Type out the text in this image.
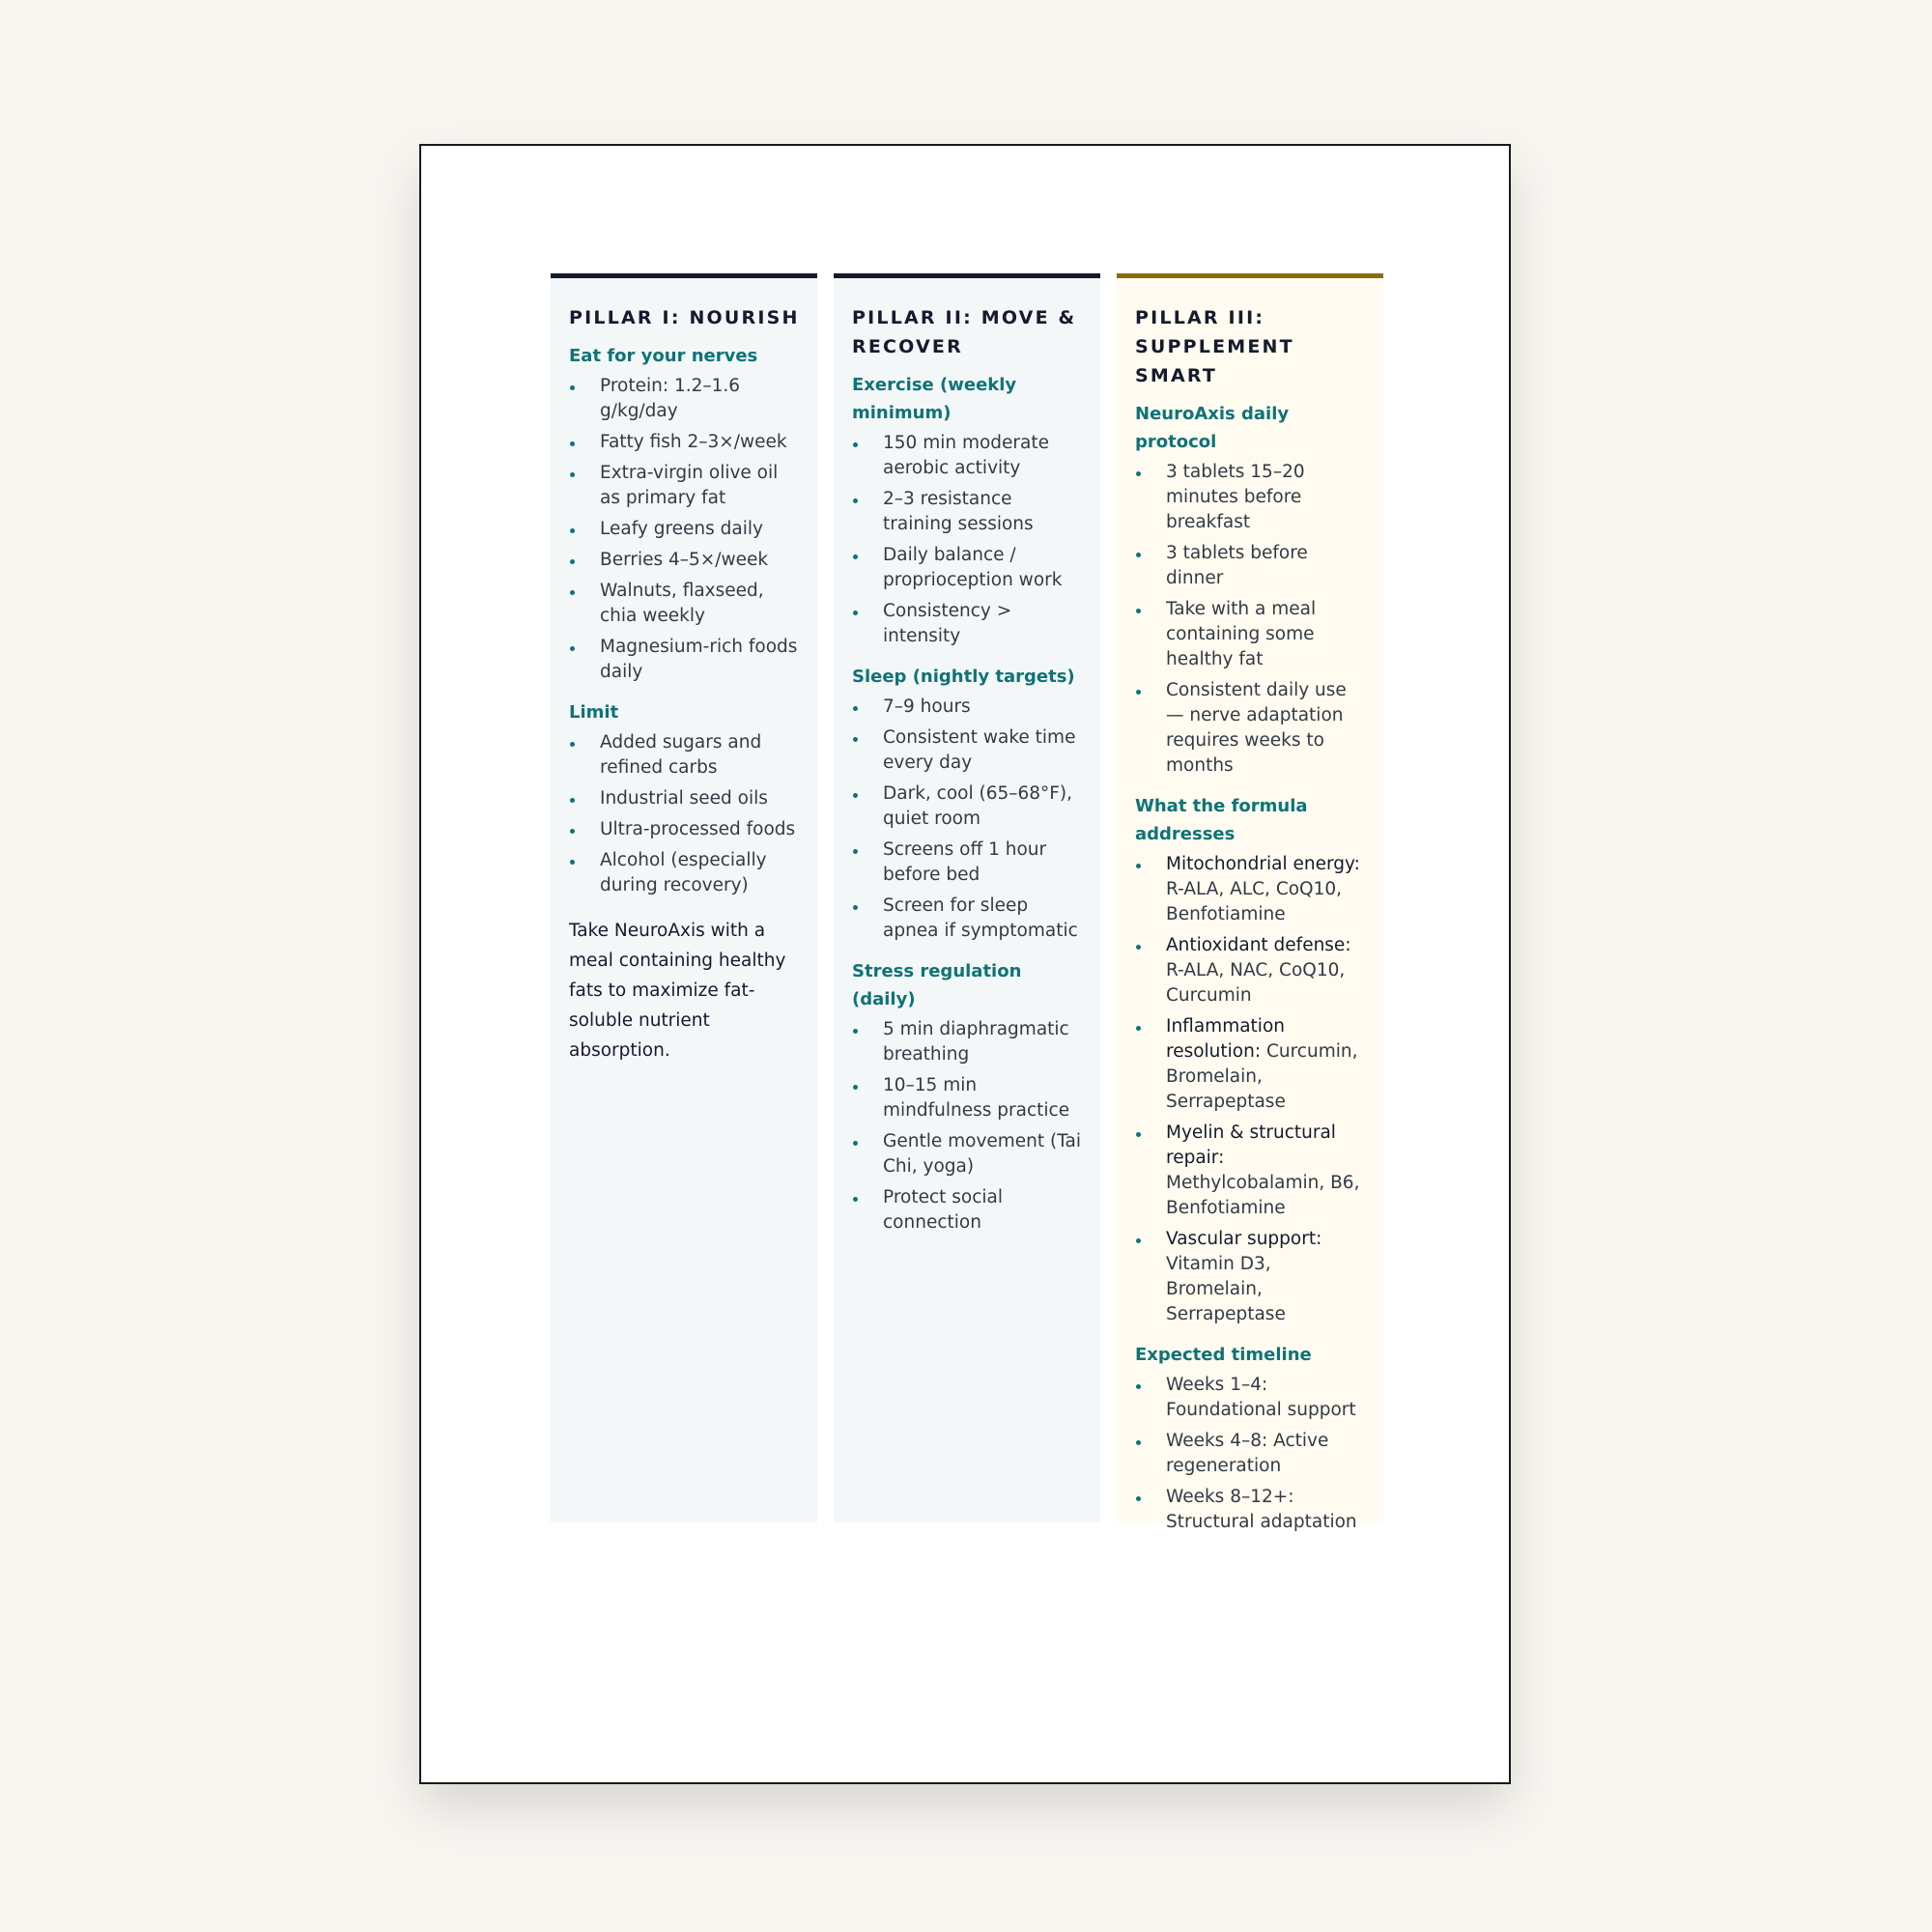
PILLAR I: NOURISH
Eat for your nerves
Protein: 1.2–1.6 g/kg/day
Fatty fish 2–3×/week
Extra-virgin olive oil as primary fat
Leafy greens daily
Berries 4–5×/week
Walnuts, flaxseed, chia weekly
Magnesium-rich foods daily
Limit
Added sugars and refined carbs
Industrial seed oils
Ultra-processed foods
Alcohol (especially during recovery)

Take NeuroAxis with a meal containing healthy fats to maximize fat-soluble nutrient absorption.

PILLAR II: MOVE & RECOVER
Exercise (weekly minimum)
150 min moderate aerobic activity
2–3 resistance training sessions
Daily balance / proprioception work
Consistency > intensity
Sleep (nightly targets)
7–9 hours
Consistent wake time every day
Dark, cool (65–68°F), quiet room
Screens off 1 hour before bed
Screen for sleep apnea if symptomatic
Stress regulation (daily)
5 min diaphragmatic breathing
10–15 min mindfulness practice
Gentle movement (Tai Chi, yoga)
Protect social connection
PILLAR III: SUPPLEMENT SMART
NeuroAxis daily protocol
3 tablets 15–20 minutes before breakfast
3 tablets before dinner
Take with a meal containing some healthy fat
Consistent daily use — nerve adaptation requires weeks to months
What the formula addresses
Mitochondrial energy: R-ALA, ALC, CoQ10, Benfotiamine
Antioxidant defense: R-ALA, NAC, CoQ10, Curcumin
Inflammation resolution: Curcumin, Bromelain, Serrapeptase
Myelin & structural repair: Methylcobalamin, B6, Benfotiamine
Vascular support: Vitamin D3, Bromelain, Serrapeptase
Expected timeline
Weeks 1–4: Foundational support
Weeks 4–8: Active regeneration
Weeks 8–12+: Structural adaptation
